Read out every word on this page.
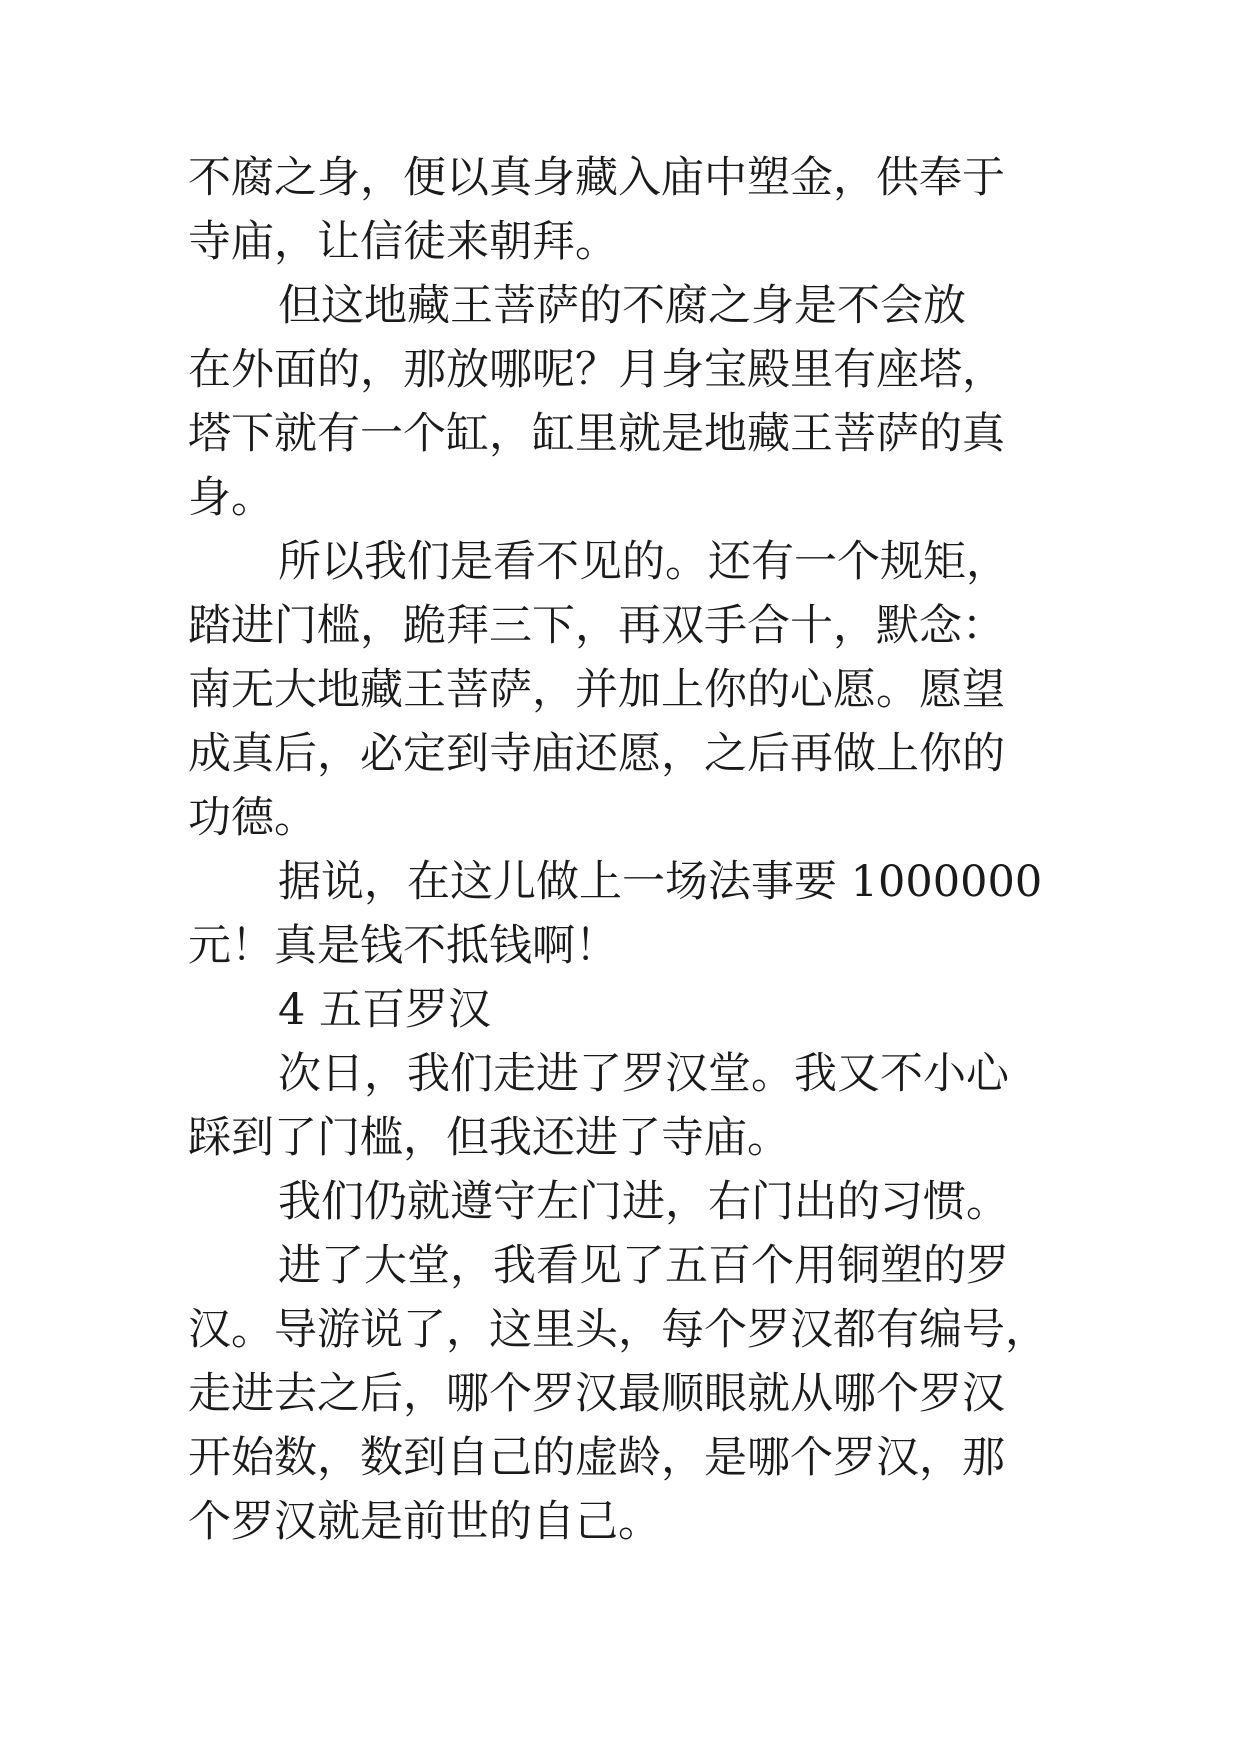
不腐之身，便以真身藏入庙中塑金，供奉于
寺庙，让信徒来朝拜。
但这地藏王菩萨的不腐之身是不会放
在外面的，那放哪呢？月身宝殿里有座塔，
塔下就有一个缸，缸里就是地藏王菩萨的真
身。
所以我们是看不见的。还有一个规矩，
踏进门槛，跪拜三下，再双手合十，默念：
南无大地藏王菩萨，并加上你的心愿。愿望
成真后，必定到寺庙还愿，之后再做上你的
功德。
据说，在这儿做上一场法事要 1000000
元！真是钱不抵钱啊！
4 五百罗汉
次日，我们走进了罗汉堂。我又不小心
踩到了门槛，但我还进了寺庙。
我们仍就遵守左门进，右门出的习惯。
进了大堂，我看见了五百个用铜塑的罗
汉。导游说了，这里头，每个罗汉都有编号，
走进去之后，哪个罗汉最顺眼就从哪个罗汉
开始数，数到自己的虚龄，是哪个罗汉，那
个罗汉就是前世的自己。
